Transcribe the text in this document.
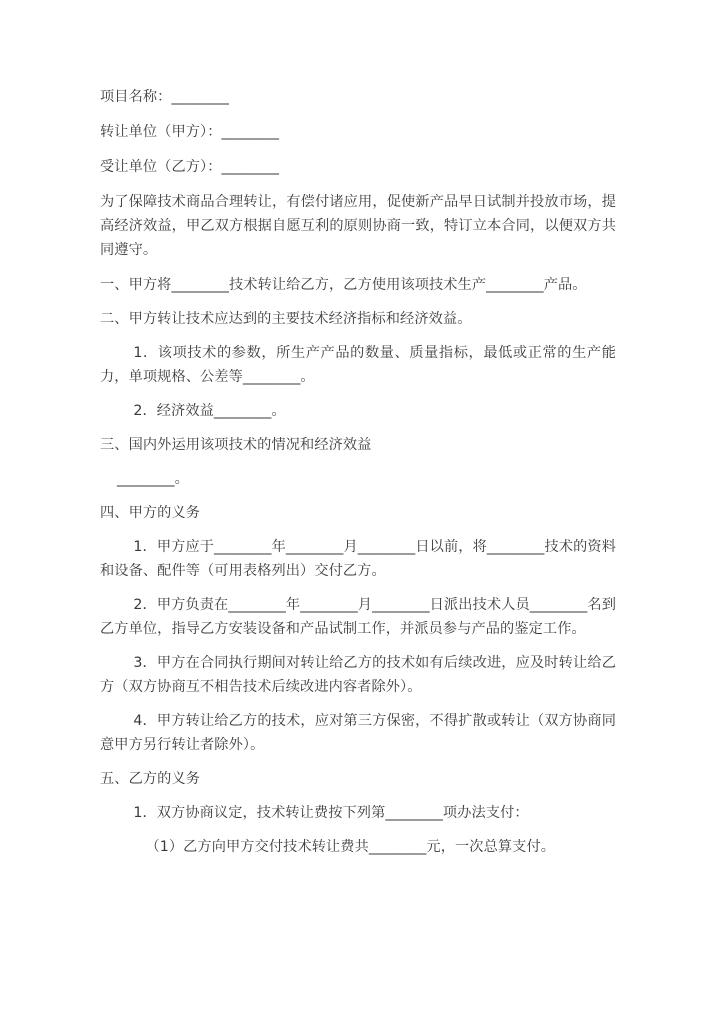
项目名称：________

转让单位（甲方）：________

受让单位（乙方）：________

为了保障技术商品合理转让，有偿付诸应用，促使新产品早日试制并投放市场，提高经济效益，甲乙双方根据自愿互利的原则协商一致，特订立本合同，以便双方共同遵守。

一、甲方将________技术转让给乙方，乙方使用该项技术生产________产品。

二、甲方转让技术应达到的主要技术经济指标和经济效益。

1．该项技术的参数，所生产产品的数量、质量指标，最低或正常的生产能力，单项规格、公差等________。

2．经济效益________。

三、国内外运用该项技术的情况和经济效益

________。

四、甲方的义务

1．甲方应于________年________月________日以前，将________技术的资料和设备、配件等（可用表格列出）交付乙方。

2．甲方负责在________年________月________日派出技术人员________名到乙方单位，指导乙方安装设备和产品试制工作，并派员参与产品的鉴定工作。

3．甲方在合同执行期间对转让给乙方的技术如有后续改进，应及时转让给乙方（双方协商互不相告技术后续改进内容者除外）。

4．甲方转让给乙方的技术，应对第三方保密，不得扩散或转让（双方协商同意甲方另行转让者除外）。

五、乙方的义务

1．双方协商议定，技术转让费按下列第________项办法支付：

（1）乙方向甲方交付技术转让费共________元，一次总算支付。
